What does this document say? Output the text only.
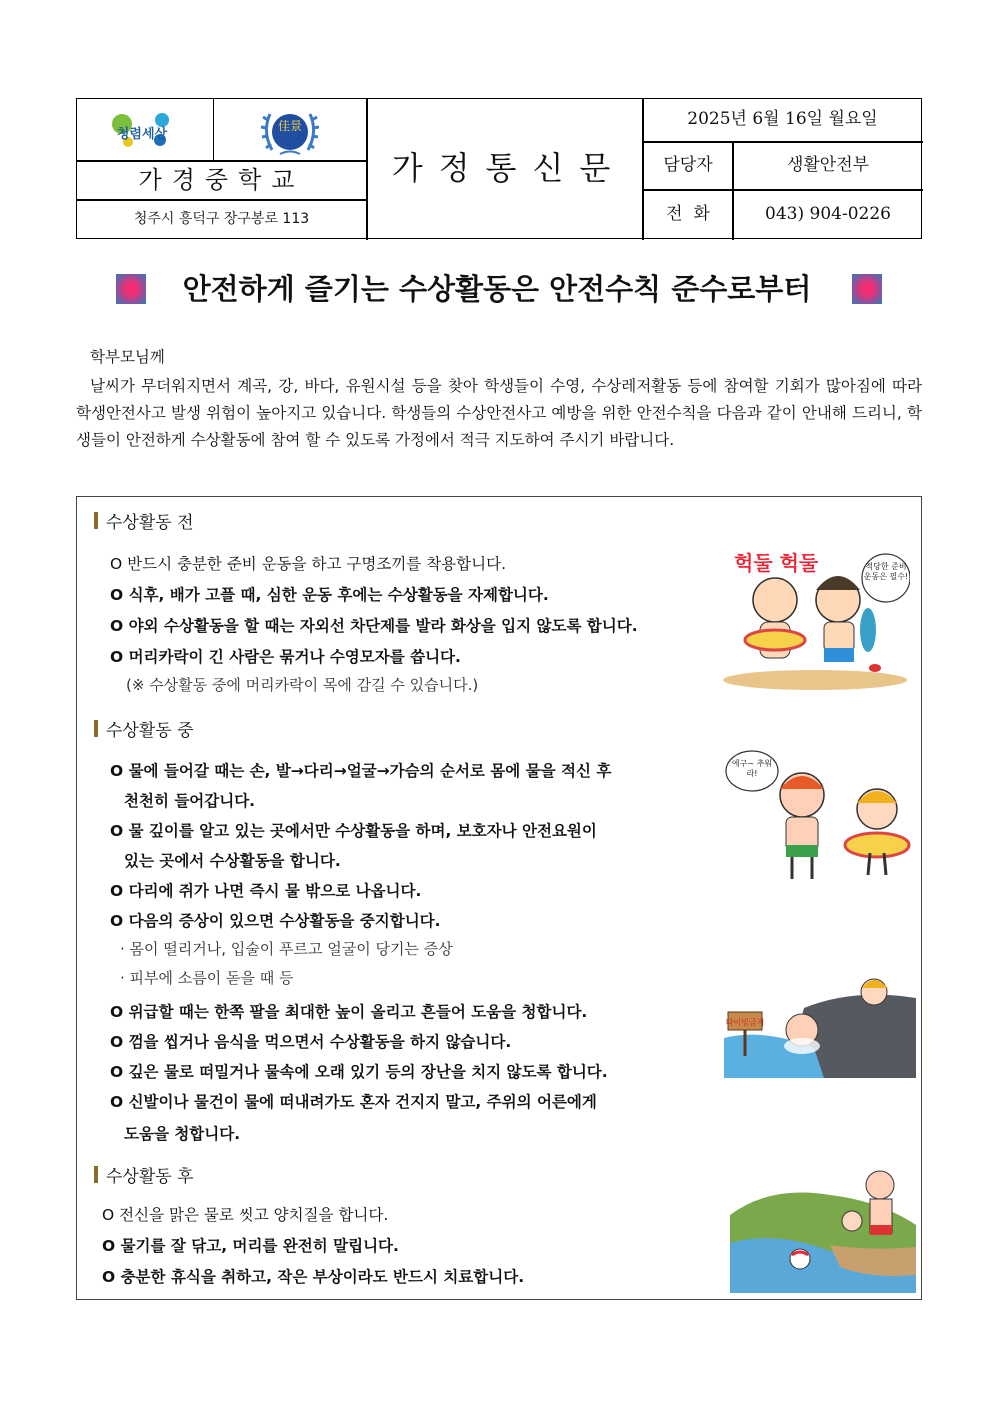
청렴세상
佳景
가경중학교
청주시 흥덕구 장구봉로 113
가정통신문
2025년 6월 16일 월요일
담당자	생활안전부
전  화	043) 904-0226
안전하게 즐기는 수상활동은 안전수칙 준수로부터
학부모님께
날씨가 무더워지면서 계곡, 강, 바다, 유원시설 등을 찾아 학생들이 수영, 수상레저활동 등에 참여할 기회가 많아짐에 따라 학생안전사고 발생 위험이 높아지고 있습니다. 학생들의 수상안전사고 예방을 위한 안전수칙을 다음과 같이 안내해 드리니, 학생들이 안전하게 수상활동에 참여 할 수 있도록 가정에서 적극 지도하여 주시기 바랍니다.
수상활동 전
O 반드시 충분한 준비 운동을 하고 구명조끼를 착용합니다.
O 식후, 배가 고플 때, 심한 운동 후에는 수상활동을 자제합니다.
O 야외 수상활동을 할 때는 자외선 차단제를 발라 화상을 입지 않도록 합니다.
O 머리카락이 긴 사람은 묶거나 수영모자를 씁니다.
(※ 수상활동 중에 머리카락이 목에 감길 수 있습니다.)
헉둘 헉둘	적당한 준비 운동은 필수!
수상활동 중
O 물에 들어갈 때는 손, 발→다리→얼굴→가슴의 순서로 몸에 물을 적신 후
천천히 들어갑니다.
O 물 깊이를 알고 있는 곳에서만 수상활동을 하며, 보호자나 안전요원이
있는 곳에서 수상활동을 합니다.
O 다리에 쥐가 나면 즉시 물 밖으로 나옵니다.
O 다음의 증상이 있으면 수상활동을 중지합니다.
· 몸이 떨리거나, 입술이 푸르고 얼굴이 당기는 증상
· 피부에 소름이 돋을 때 등
O 위급할 때는 한쪽 팔을 최대한 높이 올리고 흔들어 도움을 청합니다.
O 껌을 씹거나 음식을 먹으면서 수상활동을 하지 않습니다.
O 깊은 물로 떠밀거나 물속에 오래 있기 등의 장난을 치지 않도록 합니다.
O 신발이나 물건이 물에 떠내려가도 혼자 건지지 말고, 주위의 어른에게
도움을 청합니다.
에구~ 추워라!
다이빙금지
수상활동 후
O 전신을 맑은 물로 씻고 양치질을 합니다.
O 물기를 잘 닦고, 머리를 완전히 말립니다.
O 충분한 휴식을 취하고, 작은 부상이라도 반드시 치료합니다.
